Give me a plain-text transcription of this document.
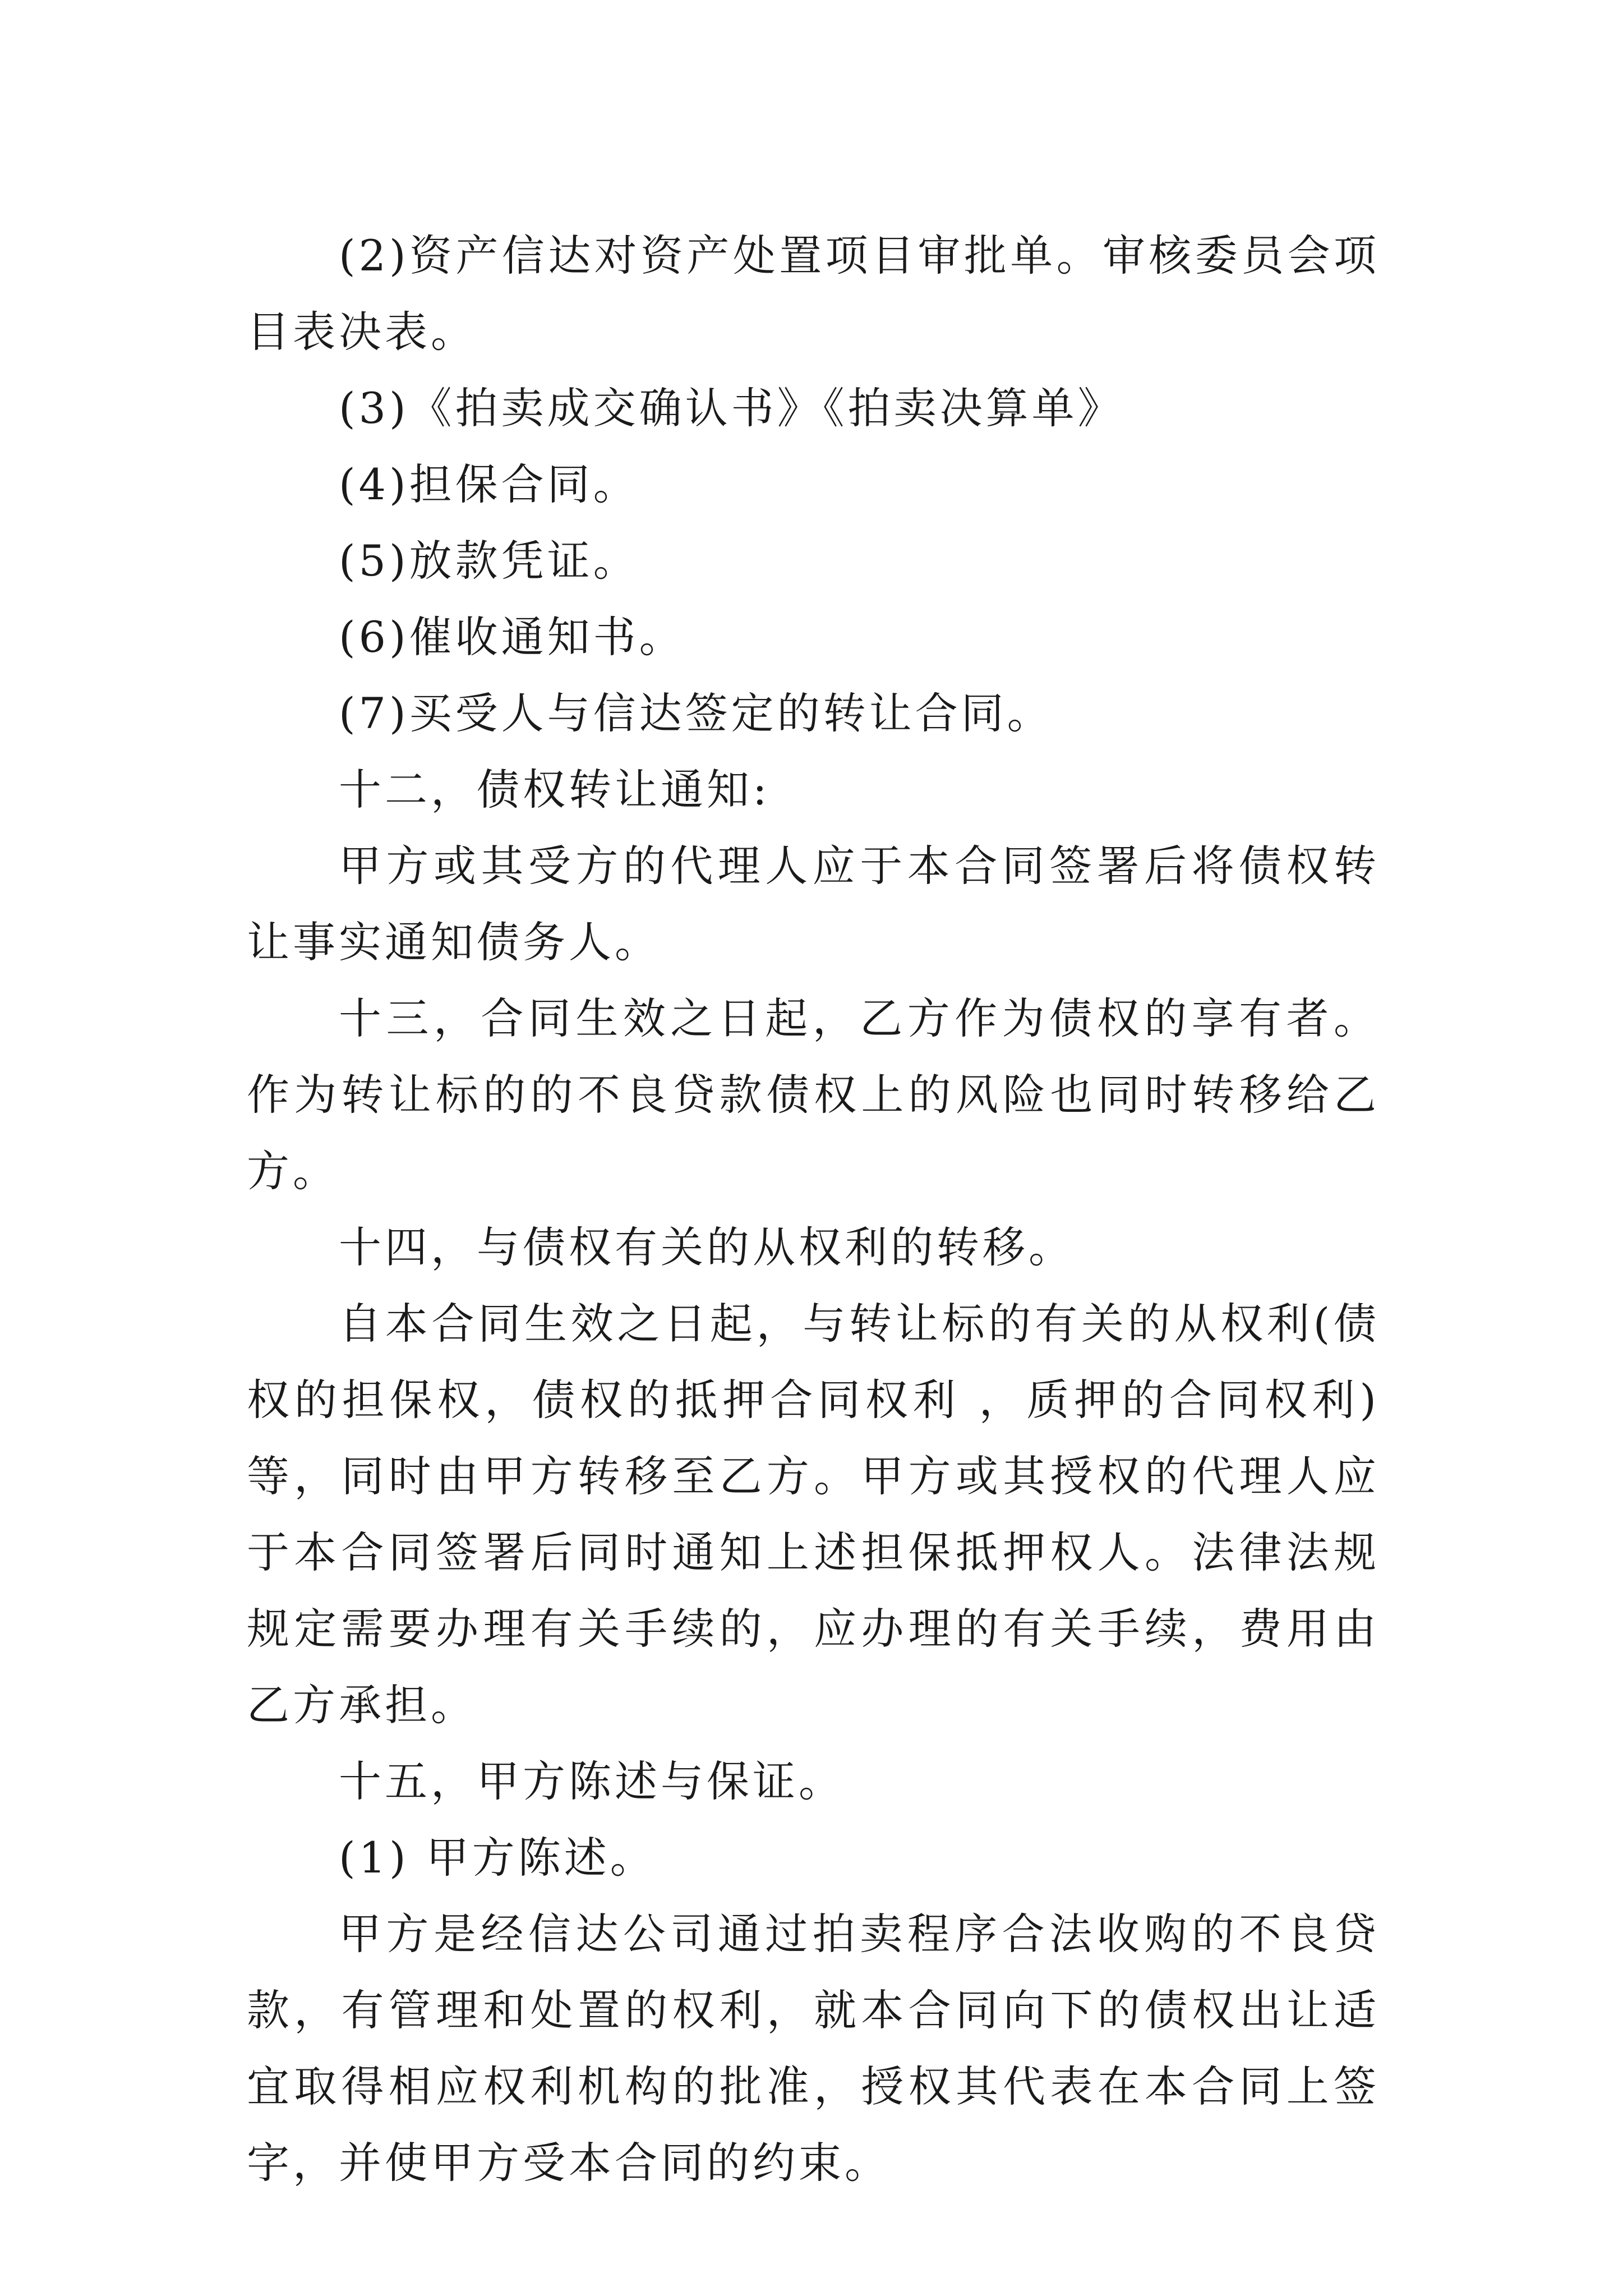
(2)资产信达对资产处置项目审批单。审核委员会项目表决表。

(3)《拍卖成交确认书》《拍卖决算单》

(4)担保合同。

(5)放款凭证。

(6)催收通知书。

(7)买受人与信达签定的转让合同。

十二，债权转让通知:

甲方或其受方的代理人应于本合同签署后将债权转让事实通知债务人。

十三，合同生效之日起，乙方作为债权的享有者。作为转让标的的不良贷款债权上的风险也同时转移给乙方。

十四，与债权有关的从权利的转移。

自本合同生效之日起，与转让标的有关的从权利(债权的担保权，债权的抵押合同权利 ，质押的合同权利)等，同时由甲方转移至乙方。甲方或其授权的代理人应于本合同签署后同时通知上述担保抵押权人。法律法规规定需要办理有关手续的，应办理的有关手续，费用由乙方承担。

十五，甲方陈述与保证。

(1) 甲方陈述。

甲方是经信达公司通过拍卖程序合法收购的不良贷款，有管理和处置的权利，就本合同向下的债权出让适宜取得相应权利机构的批准，授权其代表在本合同上签字，并使甲方受本合同的约束。
